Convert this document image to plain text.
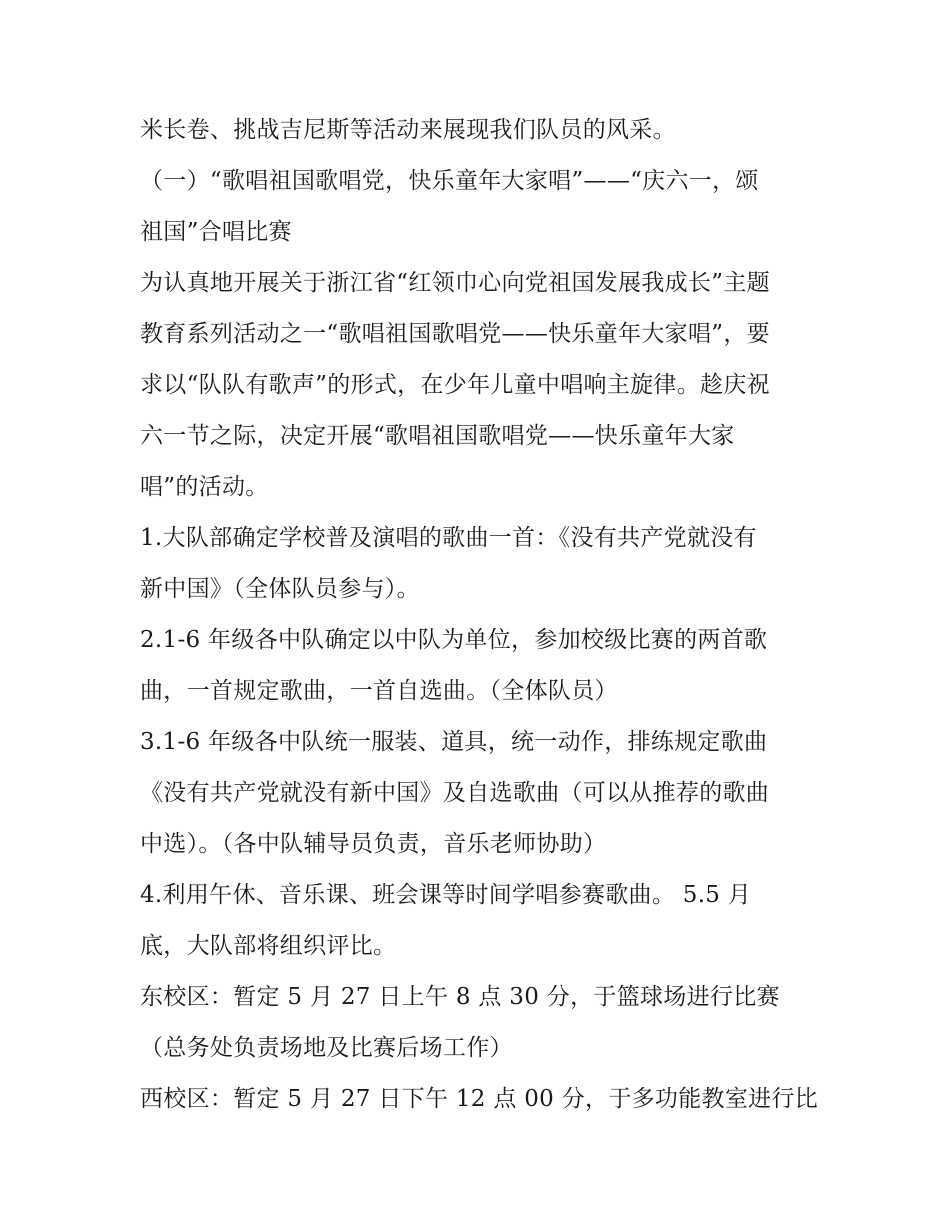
米长卷、挑战吉尼斯等活动来展现我们队员的风采。
（一）“歌唱祖国歌唱党，快乐童年大家唱”——“庆六一，颂
祖国”合唱比赛
为认真地开展关于浙江省“红领巾心向党祖国发展我成长”主题
教育系列活动之一“歌唱祖国歌唱党——快乐童年大家唱”，要
求以“队队有歌声”的形式，在少年儿童中唱响主旋律。趁庆祝
六一节之际，决定开展“歌唱祖国歌唱党——快乐童年大家
唱”的活动。
1.大队部确定学校普及演唱的歌曲一首：《没有共产党就没有
新中国》（全体队员参与）。
2.1-6 年级各中队确定以中队为单位，参加校级比赛的两首歌
曲，一首规定歌曲，一首自选曲。（全体队员）
3.1-6 年级各中队统一服装、道具，统一动作，排练规定歌曲
《没有共产党就没有新中国》及自选歌曲（可以从推荐的歌曲
中选）。（各中队辅导员负责，音乐老师协助）
4.利用午休、音乐课、班会课等时间学唱参赛歌曲。 5.5 月
底，大队部将组织评比。
东校区：暂定 5 月 27 日上午 8 点 30 分，于篮球场进行比赛
（总务处负责场地及比赛后场工作）
西校区：暂定 5 月 27 日下午 12 点 00 分，于多功能教室进行比
